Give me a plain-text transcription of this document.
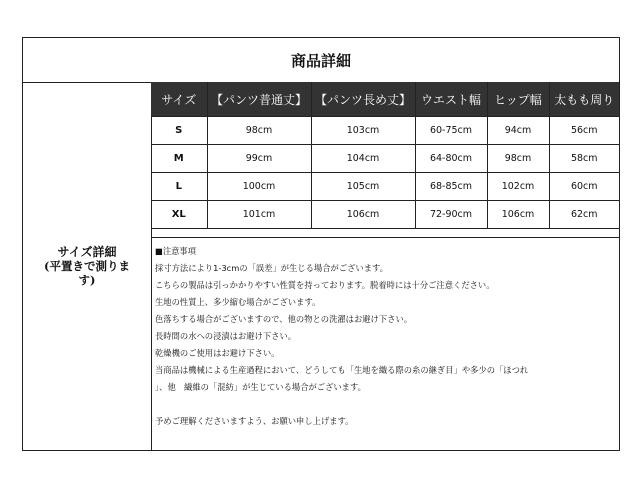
商品詳細
サイズ詳細
(平置きで測りま
す)
サイズ	【パンツ普通丈】	【パンツ長め丈】	ウエスト幅	ヒップ幅	太もも周り
S	98cm	103cm	60-75cm	94cm	56cm
M	99cm	104cm	64-80cm	98cm	58cm
L	100cm	105cm	68-85cm	102cm	60cm
XL	101cm	106cm	72-90cm	106cm	62cm
■注意事項
採寸方法により1-3cmの「誤差」が生じる場合がございます。
こちらの製品は引っかかりやすい性質を持っております。脱着時には十分ご注意ください。
生地の性質上、多少縮む場合がございます。
色落ちする場合がございますので、他の物との洗濯はお避け下さい。
長時間の水への浸漬はお避け下さい。
乾燥機のご使用はお避け下さい。
当商品は機械による生産過程において、どうしても「生地を織る際の糸の継ぎ目」や多少の「ほつれ
」、他　繊維の「混紡」が生じている場合がございます。
予めご理解くださいますよう、お願い申し上げます。
